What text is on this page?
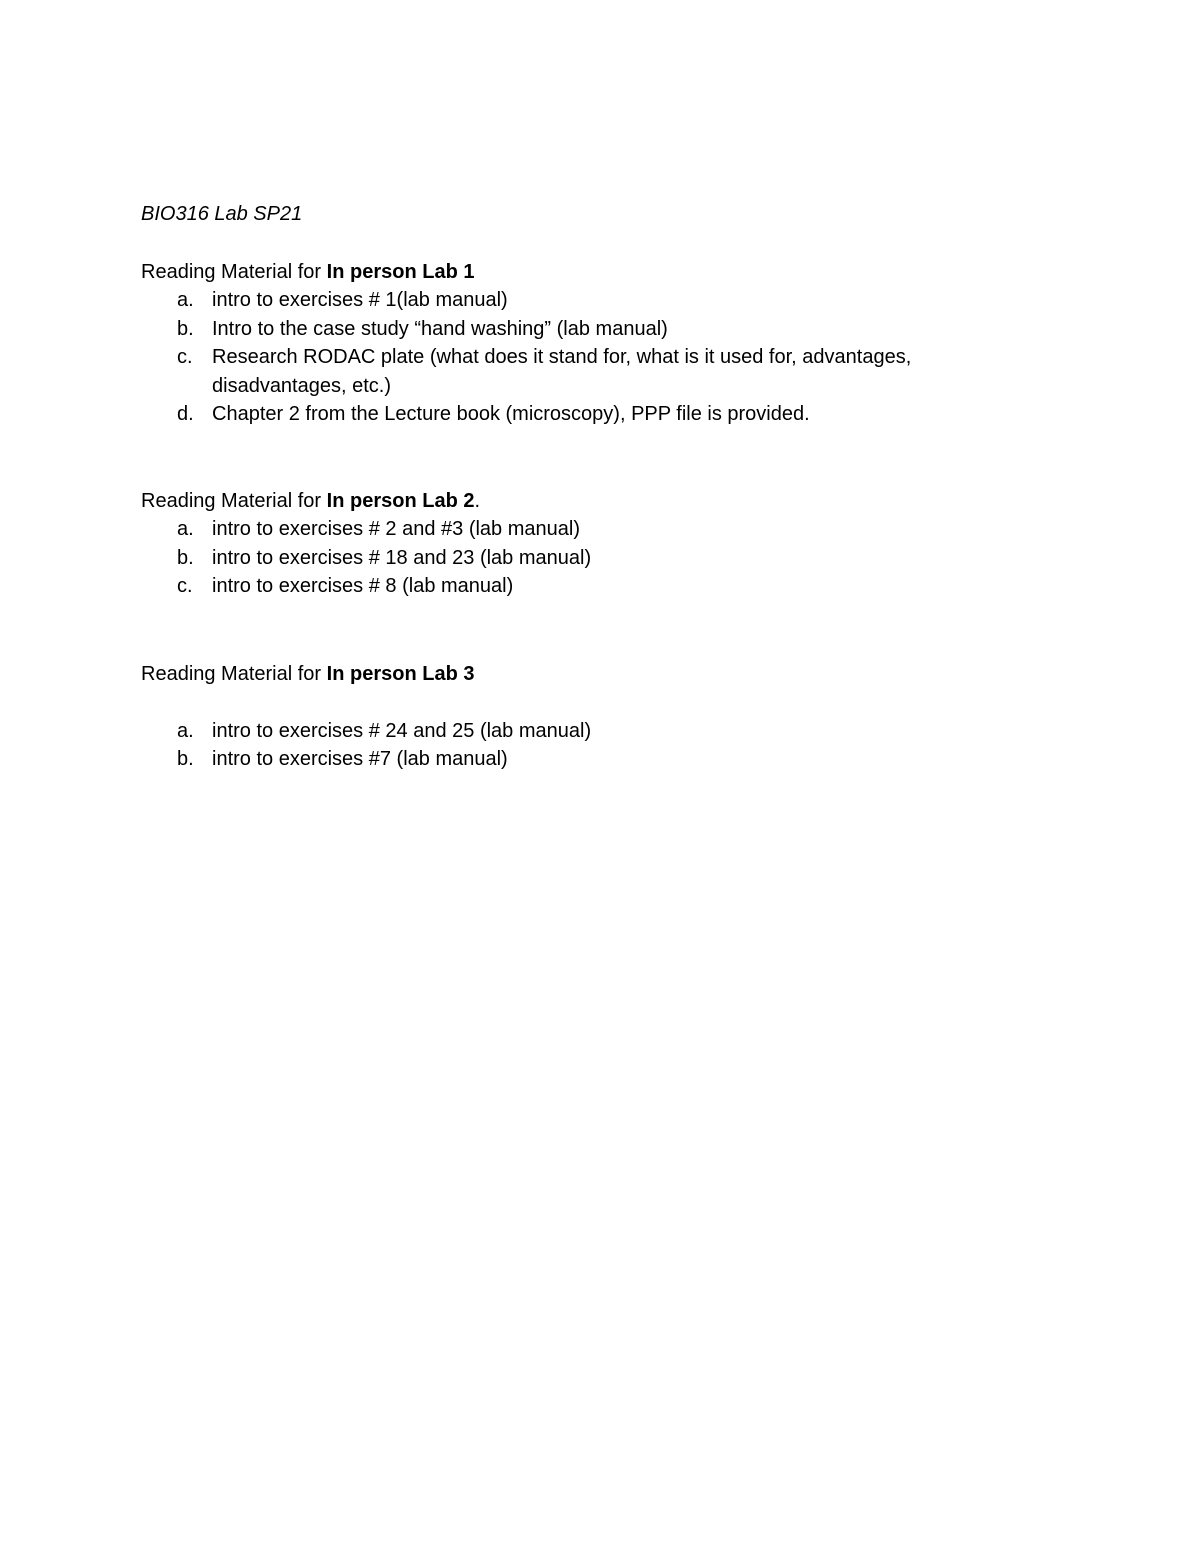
BIO316 Lab SP21
Reading Material for In person Lab 1
a. intro to exercises # 1(lab manual)
b. Intro to the case study “hand washing” (lab manual)
c. Research RODAC plate (what does it stand for, what is it used for, advantages, disadvantages, etc.)
d. Chapter 2 from the Lecture book (microscopy), PPP file is provided.
Reading Material for In person Lab 2.
a. intro to exercises # 2 and #3 (lab manual)
b. intro to exercises # 18 and 23 (lab manual)
c. intro to exercises # 8 (lab manual)
Reading Material for In person Lab 3
a. intro to exercises # 24 and 25 (lab manual)
b. intro to exercises #7 (lab manual)
